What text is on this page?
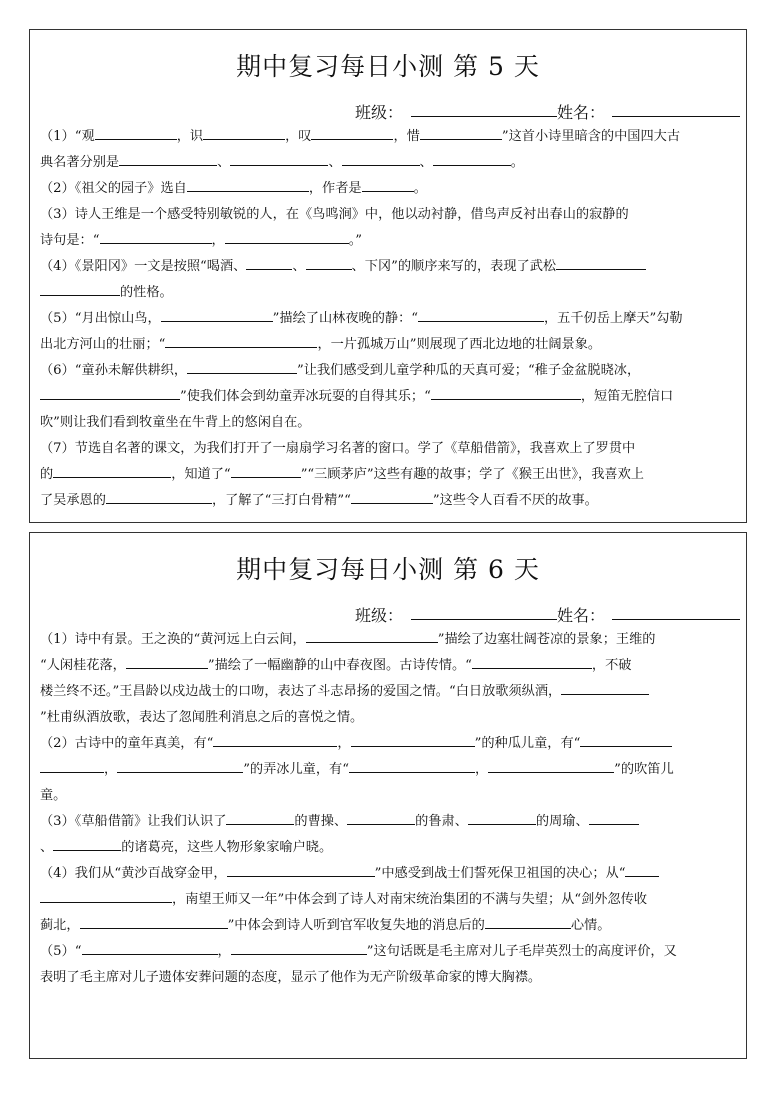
期中复习每日小测 第 5 天
班级：	姓名：
（1）“观	，识	，叹	，惜	”这首小诗里暗含的中国四大古
典名著分别是	、	、	、	。
（2）《祖父的园子》选自	，作者是	。
（3）诗人王维是一个感受特别敏锐的人，在《鸟鸣涧》中，他以动衬静，借鸟声反衬出春山的寂静的
诗句是：“	，	。”
（4）《景阳冈》一文是按照“喝酒、	、	、下冈”的顺序来写的，表现了武松
的性格。
（5）“月出惊山鸟，	”描绘了山林夜晚的静：“	，五千仞岳上摩天”勾勒
出北方河山的壮丽；“	，一片孤城万山”则展现了西北边地的壮阔景象。
（6）“童孙未解供耕织，	”让我们感受到儿童学种瓜的天真可爱；“稚子金盆脱晓冰，
”使我们体会到幼童弄冰玩耍的自得其乐；“	，短笛无腔信口
吹”则让我们看到牧童坐在牛背上的悠闲自在。
（7）节选自名著的课文，为我们打开了一扇扇学习名著的窗口。学了《草船借箭》，我喜欢上了罗贯中
的	，知道了“	”“三顾茅庐”这些有趣的故事；学了《猴王出世》，我喜欢上
了吴承恩的	，了解了“三打白骨精”“	”这些令人百看不厌的故事。
期中复习每日小测 第 6 天
班级：	姓名：
（1）诗中有景。王之涣的“黄河远上白云间，	”描绘了边塞壮阔苍凉的景象；王维的
“人闲桂花落，	”描绘了一幅幽静的山中春夜图。古诗传情。“	，不破
楼兰终不还。”王昌龄以戍边战士的口吻，表达了斗志昂扬的爱国之情。“白日放歌须纵酒，
”杜甫纵酒放歌，表达了忽闻胜利消息之后的喜悦之情。
（2）古诗中的童年真美，有“	，	”的种瓜儿童，有“
，	”的弄冰儿童，有“	，	”的吹笛儿
童。
（3）《草船借箭》让我们认识了	的曹操、	的鲁肃、	的周瑜、
、	的诸葛亮，这些人物形象家喻户晓。
（4）我们从“黄沙百战穿金甲，	”中感受到战士们誓死保卫祖国的决心；从“
，南望王师又一年”中体会到了诗人对南宋统治集团的不满与失望；从“剑外忽传收
蓟北，	”中体会到诗人听到官军收复失地的消息后的	心情。
（5）“	，	”这句话既是毛主席对儿子毛岸英烈士的高度评价，又
表明了毛主席对儿子遗体安葬问题的态度，显示了他作为无产阶级革命家的博大胸襟。
